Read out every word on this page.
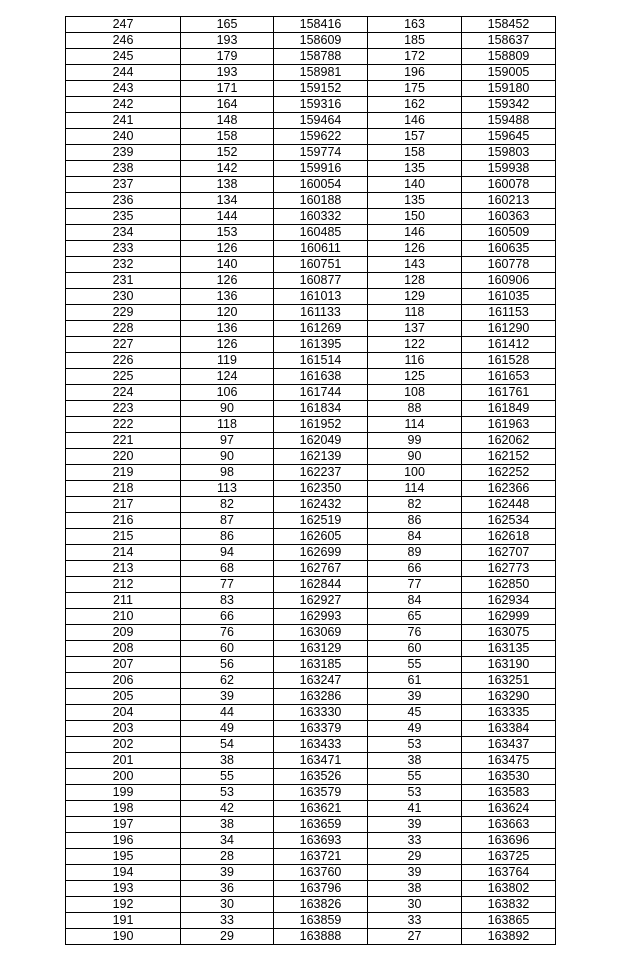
247	165	158416	163	158452
246	193	158609	185	158637
245	179	158788	172	158809
244	193	158981	196	159005
243	171	159152	175	159180
242	164	159316	162	159342
241	148	159464	146	159488
240	158	159622	157	159645
239	152	159774	158	159803
238	142	159916	135	159938
237	138	160054	140	160078
236	134	160188	135	160213
235	144	160332	150	160363
234	153	160485	146	160509
233	126	160611	126	160635
232	140	160751	143	160778
231	126	160877	128	160906
230	136	161013	129	161035
229	120	161133	118	161153
228	136	161269	137	161290
227	126	161395	122	161412
226	119	161514	116	161528
225	124	161638	125	161653
224	106	161744	108	161761
223	90	161834	88	161849
222	118	161952	114	161963
221	97	162049	99	162062
220	90	162139	90	162152
219	98	162237	100	162252
218	113	162350	114	162366
217	82	162432	82	162448
216	87	162519	86	162534
215	86	162605	84	162618
214	94	162699	89	162707
213	68	162767	66	162773
212	77	162844	77	162850
211	83	162927	84	162934
210	66	162993	65	162999
209	76	163069	76	163075
208	60	163129	60	163135
207	56	163185	55	163190
206	62	163247	61	163251
205	39	163286	39	163290
204	44	163330	45	163335
203	49	163379	49	163384
202	54	163433	53	163437
201	38	163471	38	163475
200	55	163526	55	163530
199	53	163579	53	163583
198	42	163621	41	163624
197	38	163659	39	163663
196	34	163693	33	163696
195	28	163721	29	163725
194	39	163760	39	163764
193	36	163796	38	163802
192	30	163826	30	163832
191	33	163859	33	163865
190	29	163888	27	163892
